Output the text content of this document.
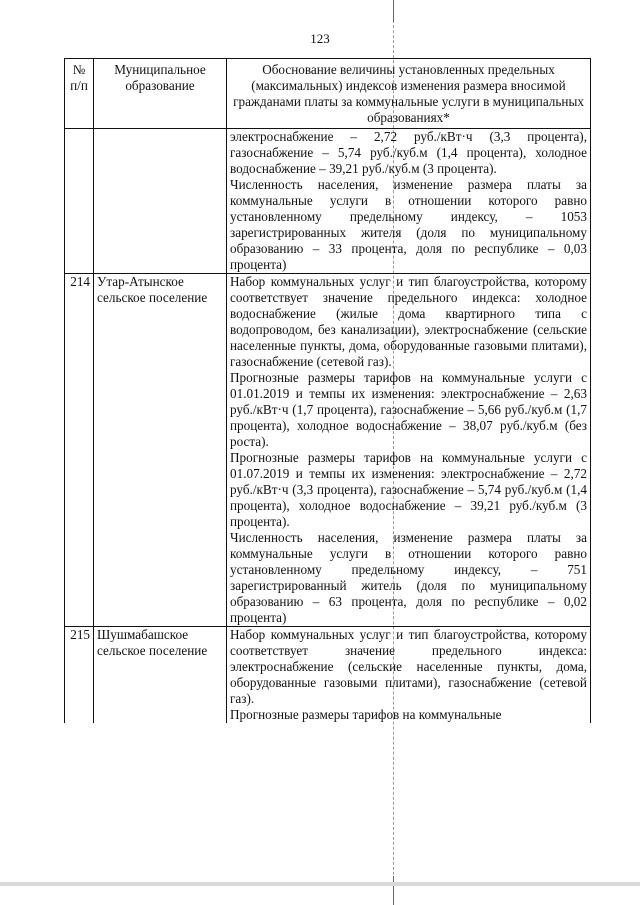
123
№ п/п	Муниципальное образование	Обоснование величины установленных предельных (максимальных) индексов изменения размера вносимой гражданами платы за коммунальные услуги в муниципальных образованиях*

		электроснабжение – 2,72 руб./кВт·ч (3,3 процента), газоснабжение – 5,74 руб./куб.м (1,4 процента), холодное водоснабжение – 39,21 руб./куб.м (3 процента).

Численность населения, изменение размера платы за коммунальные услуги в отношении которого равно установленному предельному индексу, – 1053 зарегистрированных жителя (доля по муниципальному образованию – 33 процента, доля по республике – 0,03 процента)

214	Утар-Атынское сельское поселение	Набор коммунальных услуг и тип благоустройства, которому соответствует значение предельного индекса: холодное водоснабжение (жилые дома квартирного типа с водопроводом, без канализации), электроснабжение (сельские населенные пункты, дома, оборудованные газовыми плитами), газоснабжение (сетевой газ).

Прогнозные размеры тарифов на коммунальные услуги с 01.01.2019 и темпы их изменения: электроснабжение – 2,63 руб./кВт·ч (1,7 процента), газоснабжение – 5,66 руб./куб.м (1,7 процента), холодное водоснабжение – 38,07 руб./куб.м (без роста).

Прогнозные размеры тарифов на коммунальные услуги с 01.07.2019 и темпы их изменения: электроснабжение – 2,72 руб./кВт·ч (3,3 процента), газоснабжение – 5,74 руб./куб.м (1,4 процента), холодное водоснабжение – 39,21 руб./куб.м (3 процента).

Численность населения, изменение размера платы за коммунальные услуги в отношении которого равно установленному предельному индексу, – 751 зарегистрированный житель (доля по муниципальному образованию – 63 процента, доля по республике – 0,02 процента)

215	Шушмабашское сельское поселение	Набор коммунальных услуг и тип благоустройства, которому соответствует значение предельного индекса: электроснабжение (сельские населенные пункты, дома, оборудованные газовыми плитами), газоснабжение (сетевой газ).

Прогнозные размеры тарифов на коммунальные
